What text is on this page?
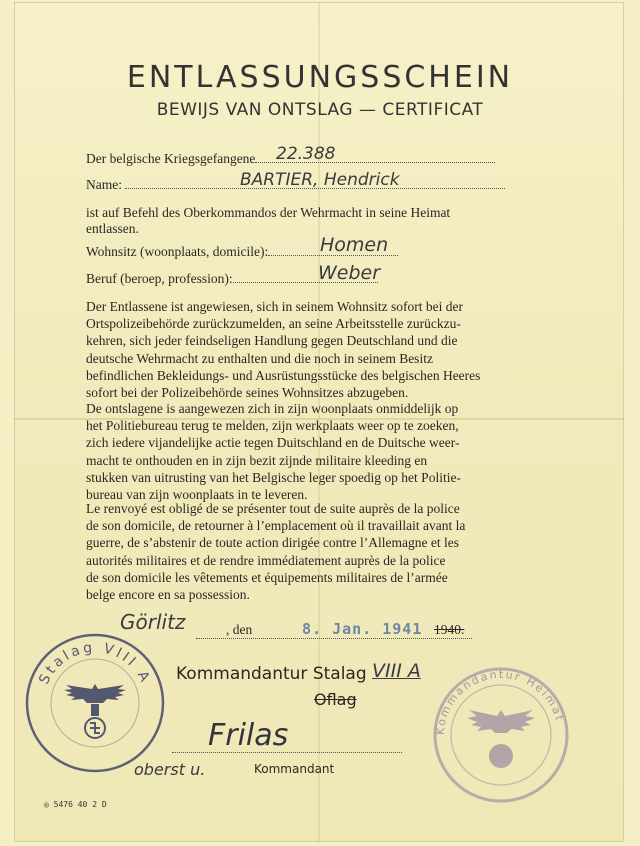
ENTLASSUNGSSCHEIN
BEWIJS VAN ONTSLAG — CERTIFICAT
Der belgische Kriegsgefangene	22.388
Name:	BARTIER, Hendrick
ist auf Befehl des Oberkommandos der Wehrmacht in seine Heimat
entlassen.
Wohnsitz (woonplaats, domicile):	Homen
Beruf (beroep, profession):	Weber
Der Entlassene ist angewiesen, sich in seinem Wohnsitz sofort bei der
Ortspolizeibehörde zurückzumelden, an seine Arbeitsstelle zurückzu-
kehren, sich jeder feindseligen Handlung gegen Deutschland und die
deutsche Wehrmacht zu enthalten und die noch in seinem Besitz
befindlichen Bekleidungs- und Ausrüstungsstücke des belgischen Heeres
sofort bei der Polizeibehörde seines Wohnsitzes abzugeben.
De ontslagene is aangewezen zich in zijn woonplaats onmiddelijk op
het Politiebureau terug te melden, zijn werkplaats weer op te zoeken,
zich iedere vijandelijke actie tegen Duitschland en de Duitsche weer-
macht te onthouden en in zijn bezit zijnde militaire kleeding en
stukken van uitrusting van het Belgische leger spoedig op het Politie-
bureau van zijn woonplaats in te leveren.
Le renvoyé est obligé de se présenter tout de suite auprès de la police
de son domicile, de retourner à l’emplacement où il travaillait avant la
guerre, de s’abstenir de toute action dirigée contre l’Allemagne et les
autorités militaires et de rendre immédiatement auprès de la police
de son domicile les vêtements et équipements militaires de l’armée
belge encore en sa possession.
Görlitz	, den	8. Jan. 1941 1940.
Kommandantur Stalag VIII A
Oflag
Frilas
oberst u.	Kommandant
Stalag VIII A
Kommandantur Heimat
◎ 5476 40 2 D
